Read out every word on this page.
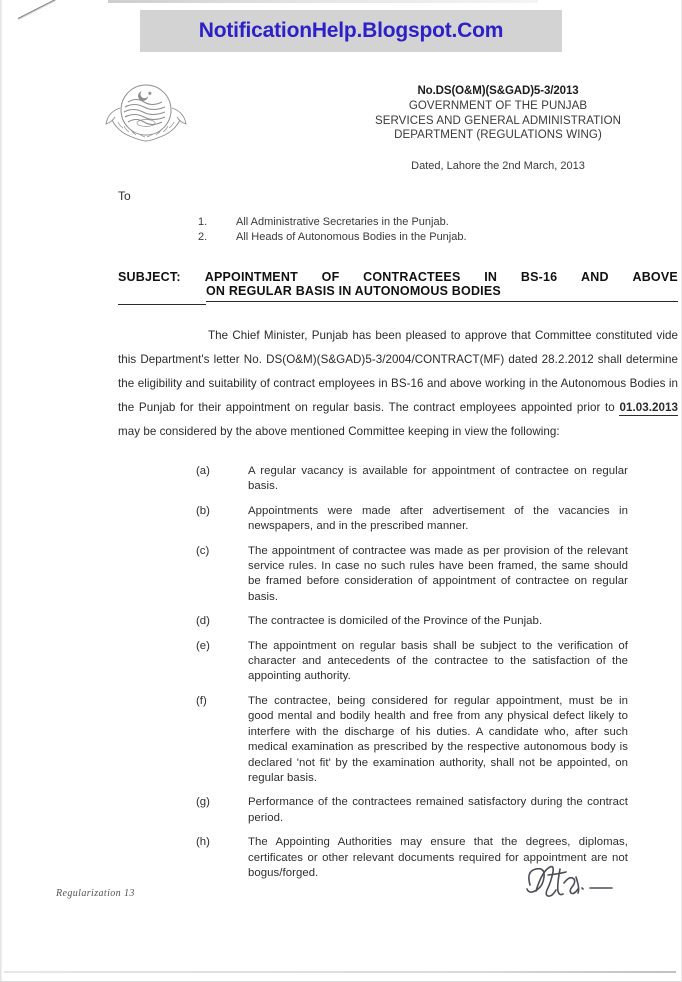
NotificationHelp.Blogspot.Com
No.DS(O&M)(S&GAD)5-3/2013
GOVERNMENT OF THE PUNJAB
SERVICES AND GENERAL ADMINISTRATION
DEPARTMENT (REGULATIONS WING)
Dated, Lahore the 2nd March, 2013
To
1.	All Administrative Secretaries in the Punjab.
2.	All Heads of Autonomous Bodies in the Punjab.
SUBJECT: APPOINTMENT OF CONTRACTEES IN BS-16 AND ABOVE
ON REGULAR BASIS IN AUTONOMOUS BODIES
The Chief Minister, Punjab has been pleased to approve that Committee constituted vide this Department's letter No. DS(O&M)(S&GAD)5-3/2004/CONTRACT(MF) dated 28.2.2012 shall determine the eligibility and suitability of contract employees in BS-16 and above working in the Autonomous Bodies in the Punjab for their appointment on regular basis. The contract employees appointed prior to 01.03.2013 may be considered by the above mentioned Committee keeping in view the following:
(a)	A regular vacancy is available for appointment of contractee on regular basis.
(b)	Appointments were made after advertisement of the vacancies in newspapers, and in the prescribed manner.
(c)	The appointment of contractee was made as per provision of the relevant service rules. In case no such rules have been framed, the same should be framed before consideration of appointment of contractee on regular basis.
(d)	The contractee is domiciled of the Province of the Punjab.
(e)	The appointment on regular basis shall be subject to the verification of character and antecedents of the contractee to the satisfaction of the appointing authority.
(f)	The contractee, being considered for regular appointment, must be in good mental and bodily health and free from any physical defect likely to interfere with the discharge of his duties. A candidate who, after such medical examination as prescribed by the respective autonomous body is declared 'not fit' by the examination authority, shall not be appointed, on regular basis.
(g)	Performance of the contractees remained satisfactory during the contract period.
(h)	The Appointing Authorities may ensure that the degrees, diplomas, certificates or other relevant documents required for appointment are not bogus/forged.
Regularization 13
